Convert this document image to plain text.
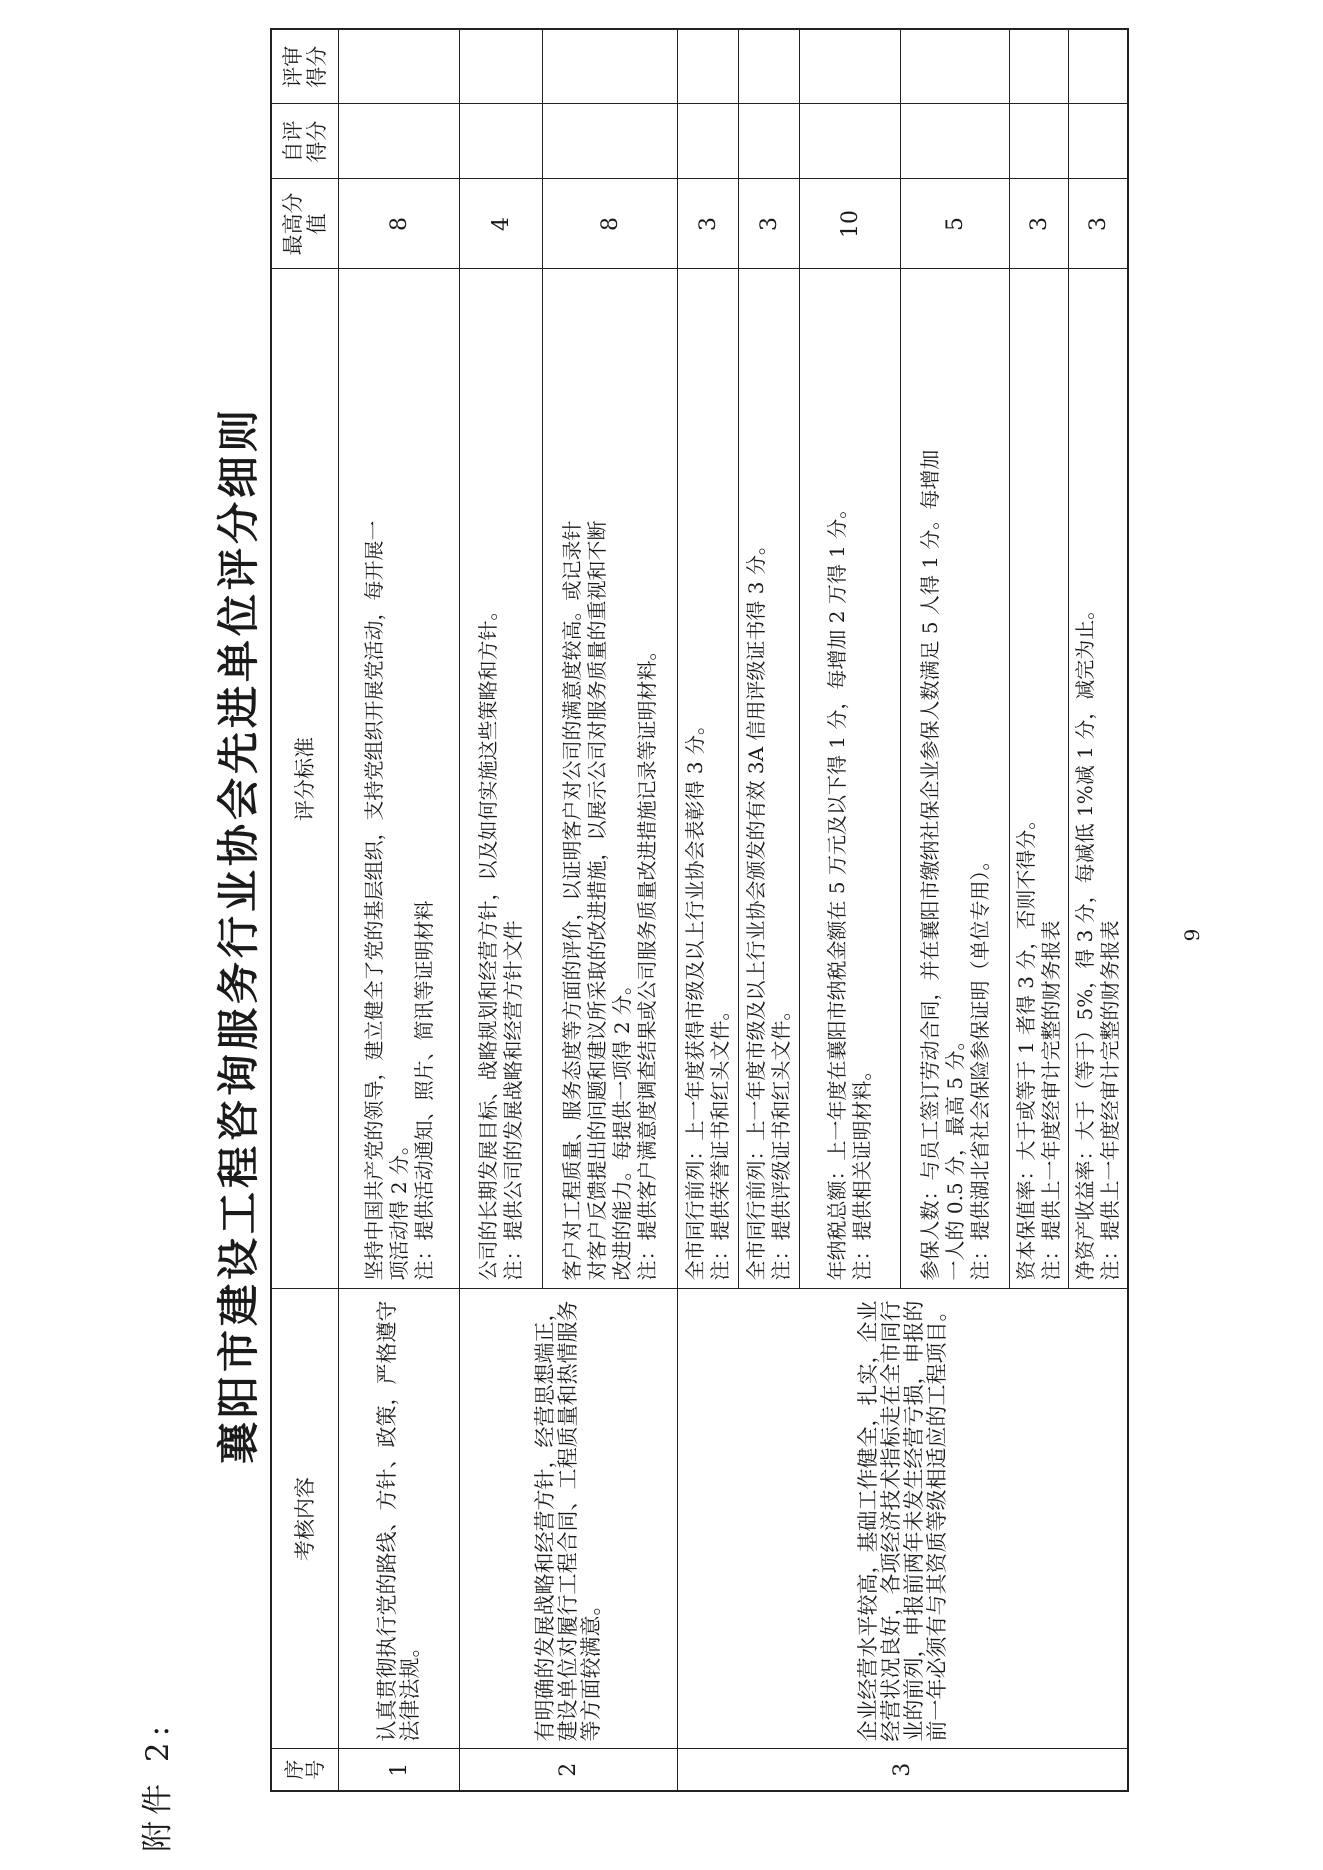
附件 2:
襄阳市建设工程咨询服务行业协会先进单位评分细则
序号	考核内容	评分标准	最高分值	自评得分	评审得分
1	认真贯彻执行党的路线、方针、政策，严格遵守法律法规。	坚持中国共产党的领导，建立健全了党的基层组织，支持党组织开展党活动，每开展一 项活动得 2 分。 注：提供活动通知、照片、简讯等证明材料	8		
2	有明确的发展战略和经营方针，经营思想端正，建设单位对履行工程合同、工程质量和热情服务等方面较满意。	公司的长期发展目标、战略规划和经营方针，以及如何实施这些策略和方针。 注：提供公司的发展战略和经营方针文件	4		

		客户对工程质量、服务态度等方面的评价，以证明客户对公司的满意度较高。或记录针 对客户反馈提出的问题和建议所采取的改进措施，以展示公司对服务质量的重视和不断 改进的能力。每提供一项得 2 分。 注：提供客户满意度调查结果或公司服务质量改进措施记录等证明材料。	8		
3	企业经营水平较高，基础工作健全，扎实，企业经营状况良好，各项经济技术指标走在全市同行业的前列，申报前两年未发生经营亏损，申报的前一年必须有与其资质等级相适应的工程项目。	全市同行前列：上一年度获得市级及以上行业协会表彰得 3 分。 注：提供荣誉证书和红头文件。	3		

		全市同行前列：上一年度市级及以上行业协会颁发的有效 3A 信用评级证书得 3 分。 注：提供评级证书和红头文件。	3		

		年纳税总额：上一年度在襄阳市纳税金额在 5 万元及以下得 1 分，每增加 2 万得 1 分。 注：提供相关证明材料。	10		

		参保人数：与员工签订劳动合同，并在襄阳市缴纳社保企业参保人数满足 5 人得 1 分。每增加 一人的 0.5 分，最高 5 分。 注：提供湖北省社会保险参保证明（单位专用）。	5		

		资本保值率：大于或等于 1 者得 3 分，否则不得分。 注：提供上一年度经审计完整的财务报表	3		

		净资产收益率：大于（等于）5%，得 3 分，每减低 1%减 1 分，减完为止。 注：提供上一年度经审计完整的财务报表	3		
9
